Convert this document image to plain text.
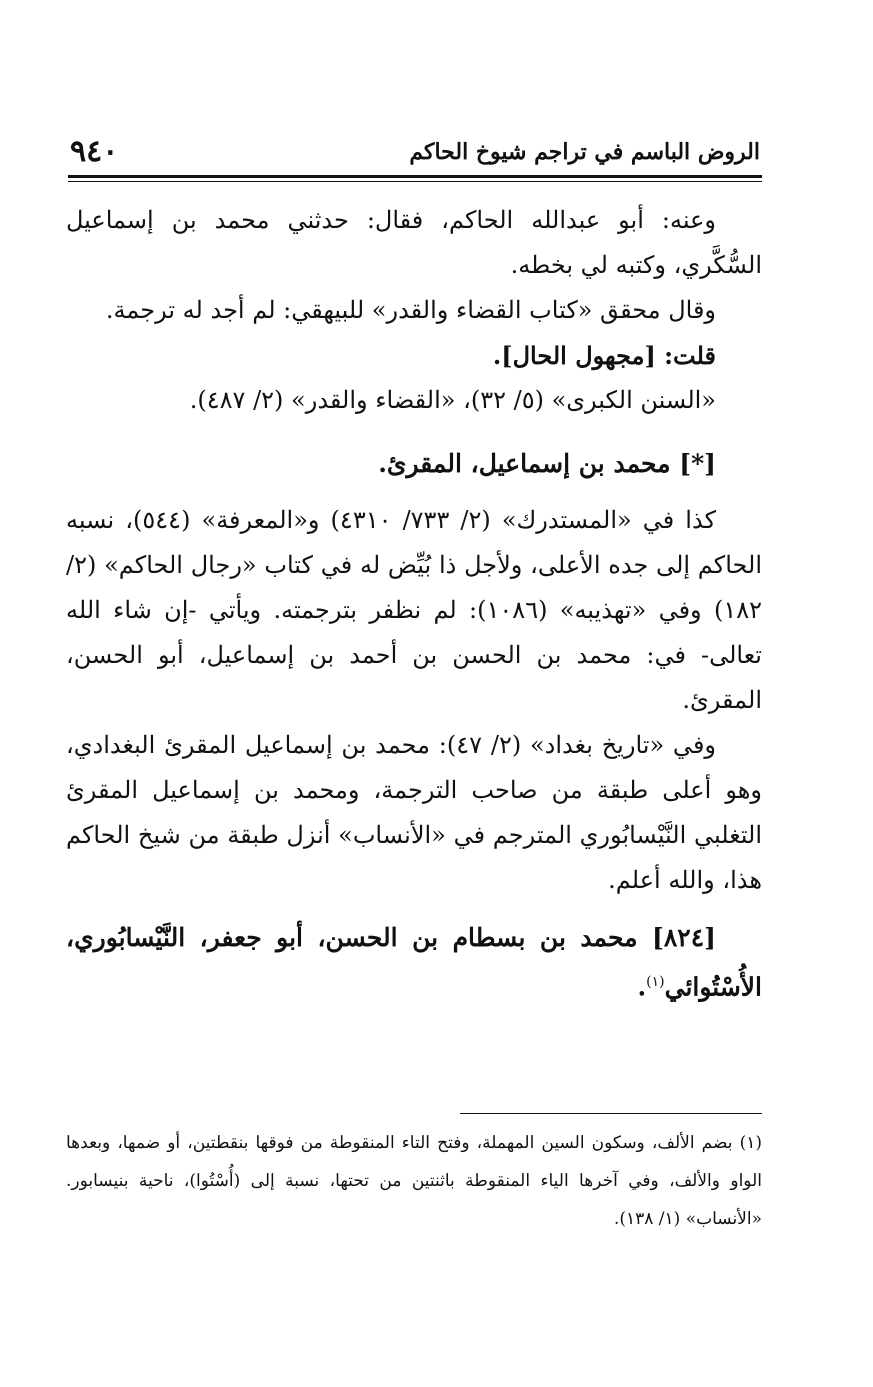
٩٤٠	الروض الباسم في تراجم شيوخ الحاكم

وعنه: أبو عبدالله الحاكم، فقال: حدثني محمد بن إسماعيل السُّكَّري، وكتبه لي بخطه.

وقال محقق «كتاب القضاء والقدر» للبيهقي: لم أجد له ترجمة.

قلت: [مجهول الحال].

«السنن الكبرى» (٥/ ٣٢)، «القضاء والقدر» (٢/ ٤٨٧).

[*] محمد بن إسماعيل، المقرئ.

كذا في «المستدرك» (٢/ ٧٣٣/ ٤٣١٠) و«المعرفة» (٥٤٤)، نسبه الحاكم إلى جده الأعلى، ولأجل ذا بُيِّض له في كتاب «رجال الحاكم» (٢/ ١٨٢) وفي «تهذيبه» (١٠٨٦): لم نظفر بترجمته. ويأتي -إن شاء الله تعالى- في: محمد بن الحسن بن أحمد بن إسماعيل، أبو الحسن، المقرئ.

وفي «تاريخ بغداد» (٢/ ٤٧): محمد بن إسماعيل المقرئ البغدادي، وهو أعلى طبقة من صاحب الترجمة، ومحمد بن إسماعيل المقرئ التغلبي النَّيْسابُوري المترجم في «الأنساب» أنزل طبقة من شيخ الحاكم هذا، والله أعلم.

[٨٢٤] محمد بن بسطام بن الحسن، أبو جعفر، النَّيْسابُوري، الأُسْتُوائي$^{(١)}$.

(١) بضم الألف، وسكون السين المهملة، وفتح التاء المنقوطة من فوقها بنقطتين، أو ضمها، وبعدها الواو والألف، وفي آخرها الياء المنقوطة باثنتين من تحتها، نسبة إلى (أُسْتُوا)، ناحية بنيسابور. «الأنساب» (١/ ١٣٨).
